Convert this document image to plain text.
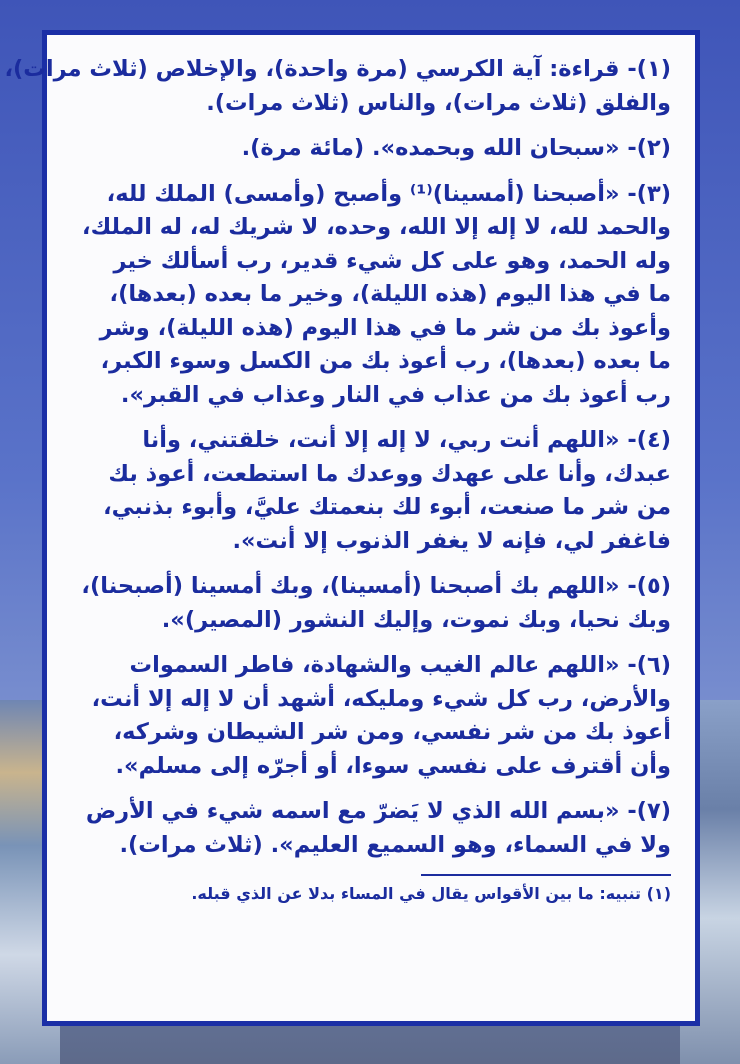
(١)- قراءة: آية الكرسي (مرة واحدة)، والإخلاص (ثلاث مرات)،
والفلق (ثلاث مرات)، والناس (ثلاث مرات).

(٢)- «سبحان الله وبحمده». (مائة مرة).

(٣)- «أصبحنا (أمسينا)⁽¹⁾ وأصبح (وأمسى) الملك لله،
والحمد لله، لا إله إلا الله، وحده، لا شريك له، له الملك،
وله الحمد، وهو على كل شيء قدير، رب أسألك خير
ما في هذا اليوم (هذه الليلة)، وخير ما بعده (بعدها)،
وأعوذ بك من شر ما في هذا اليوم (هذه الليلة)، وشر
ما بعده (بعدها)، رب أعوذ بك من الكسل وسوء الكبر،
رب أعوذ بك من عذاب في النار وعذاب في القبر».

(٤)- «اللهم أنت ربي، لا إله إلا أنت، خلقتني، وأنا
عبدك، وأنا على عهدك ووعدك ما استطعت، أعوذ بك
من شر ما صنعت، أبوء لك بنعمتك عليَّ، وأبوء بذنبي،
فاغفر لي، فإنه لا يغفر الذنوب إلا أنت».

(٥)- «اللهم بك أصبحنا (أمسينا)، وبك أمسينا (أصبحنا)،
وبك نحيا، وبك نموت، وإليك النشور (المصير)».

(٦)- «اللهم عالم الغيب والشهادة، فاطر السموات
والأرض، رب كل شيء ومليكه، أشهد أن لا إله إلا أنت،
أعوذ بك من شر نفسي، ومن شر الشيطان وشركه،
وأن أقترف على نفسي سوءا، أو أجرّه إلى مسلم».

(٧)- «بسم الله الذي لا يَضرّ مع اسمه شيء في الأرض
ولا في السماء، وهو السميع العليم». (ثلاث مرات).

(١) تنبيه: ما بين الأقواس يقال في المساء بدلا عن الذي قبله.
